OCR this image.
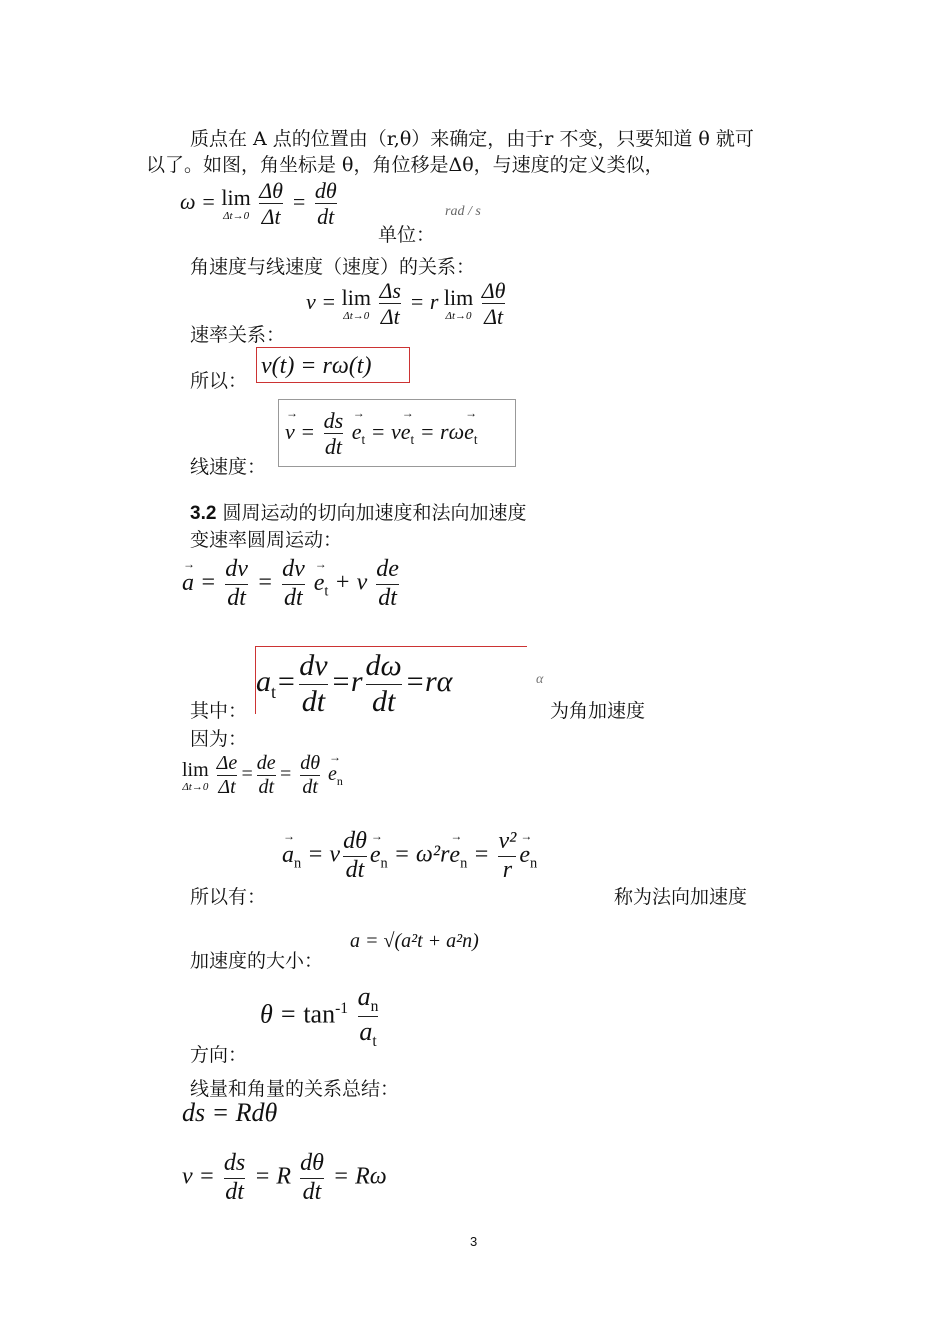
质点在 A 点的位置由（r,θ）来确定，由于r 不变，只要知道 θ 就可
以了。如图，角坐标是 θ，角位移是Δθ，与速度的定义类似，
ω = lim
Δt→0
$\frac{\Delta\theta}{\Delta t} = \frac{d\theta}{dt}$
单位：
rad / s
角速度与线速度（速度）的关系：
v = lim
Δt→0
$\frac{\Delta s}{\Delta t} = r$ lim
Δt→0
$\frac{\Delta\theta}{\Delta t}$
速率关系：
所以：
v(t) = rω(t)
线速度：
→ $v = \frac{ds}{dt}$
→ $e_t = v\to e_t = r\omega\to e_t$
3.2 圆周运动的切向加速度和法向加速度
变速率圆周运动：
→ $a = \frac{dv}{dt} = \frac{dv}{dt}$
→ $e_t + v \frac{de}{dt}$
其中：
$a_t= \frac{dv}{dt} =r \frac{d\omega}{dt} =r\alpha$	α
为角加速度
因为：
lim
Δt→0
$\frac{\Delta e}{\Delta t} = \frac{de}{dt} = \frac{d\theta}{dt}$
→ $e_n$
所以有：
→ $a_n = v \frac{d\theta}{dt}$
→ $e_n = \omega^2r\to e_n = \frac{\text{v²}}{r}$
→ $e_n$
称为法向加速度
加速度的大小：
a = √(a²t + a²n)
$\theta = \tan^{-1} \frac{a_n}{a_t}$
方向：
线量和角量的关系总结：
ds = Rdθ
$v = \frac{ds}{dt} = R \frac{d\theta}{dt} = R\omega$
3
